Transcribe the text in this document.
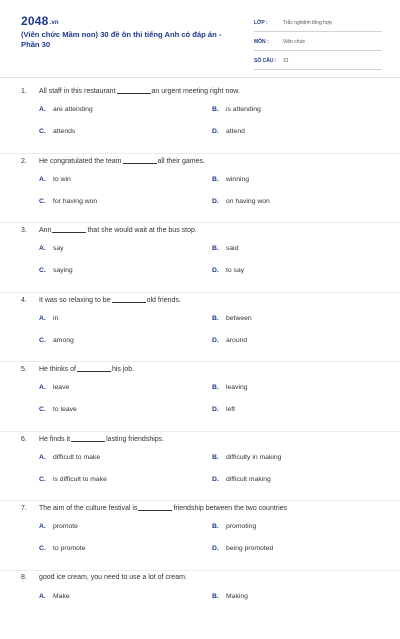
2048.vn
(Viên chức Mầm non) 30 đề ôn thi tiếng Anh có đáp án - Phần 30
LỚP :	Trắc nghiệm tổng hợp
MÔN :	Viên chức
SỐ CÂU :	31
1. All staff in this restaurant	an urgent meeting right now.
A. are attending	B. is attending
C. attends	D. attend
2. He congratulated the team	all their games.
A. to win	B. winning
C. for having won	D. on having won
3. Ann	that she would wait at the bus stop.
A. say	B. said
C. saying	D. to say
4. It was so relaxing to be	old friends.
A. in	B. between
C. among	D. around
5. He thinks of	his job.
A. leave	B. leaving
C. to leave	D. left
6. He finds it	lasting friendships.
A. difficult to make	B. difficulty in making
C. is difficult to make	D. difficult making
7. The aim of the culture festival is	friendship between the two countries
A. promote	B. promoting
C. to promote	D. being promoted
8. good ice cream, you need to use a lot of cream.
A. Make	B. Making
